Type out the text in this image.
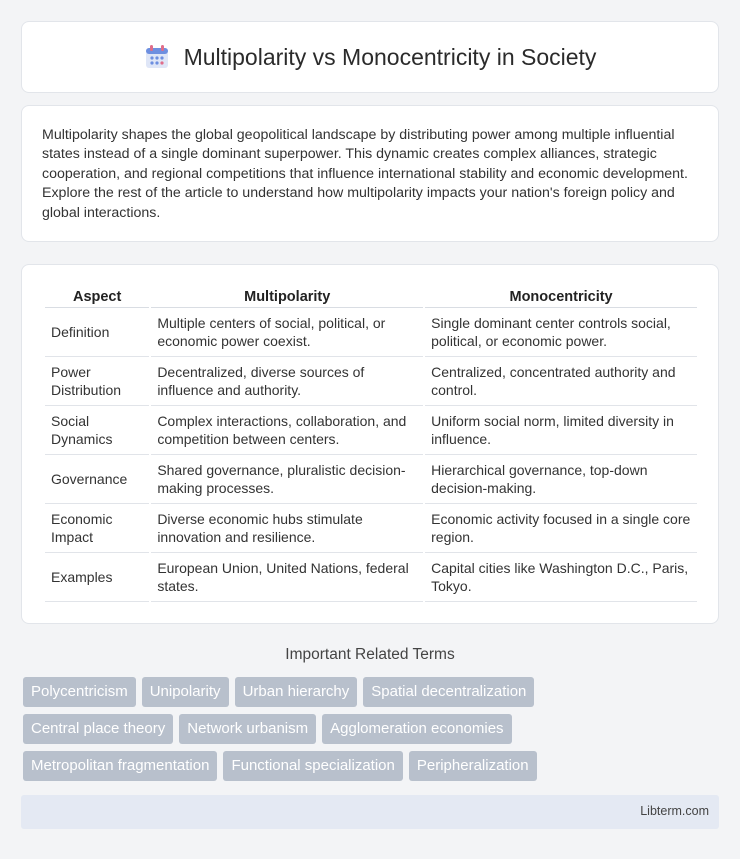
Multipolarity vs Monocentricity in Society

Multipolarity shapes the global geopolitical landscape by distributing power among multiple influential states instead of a single dominant superpower. This dynamic creates complex alliances, strategic cooperation, and regional competitions that influence international stability and economic development. Explore the rest of the article to understand how multipolarity impacts your nation's foreign policy and global interactions.

Aspect	Multipolarity	Monocentricity
Definition	Multiple centers of social, political, or economic power coexist.	Single dominant center controls social, political, or economic power.
Power Distribution	Decentralized, diverse sources of influence and authority.	Centralized, concentrated authority and control.
Social Dynamics	Complex interactions, collaboration, and competition between centers.	Uniform social norm, limited diversity in influence.
Governance	Shared governance, pluralistic decision-making processes.	Hierarchical governance, top-down decision-making.
Economic Impact	Diverse economic hubs stimulate innovation and resilience.	Economic activity focused in a single core region.
Examples	European Union, United Nations, federal states.	Capital cities like Washington D.C., Paris, Tokyo.
Important Related Terms
Polycentricism	Unipolarity	Urban hierarchy	Spatial decentralization
Central place theory	Network urbanism	Agglomeration economies
Metropolitan fragmentation	Functional specialization	Peripheralization
Libterm.com
